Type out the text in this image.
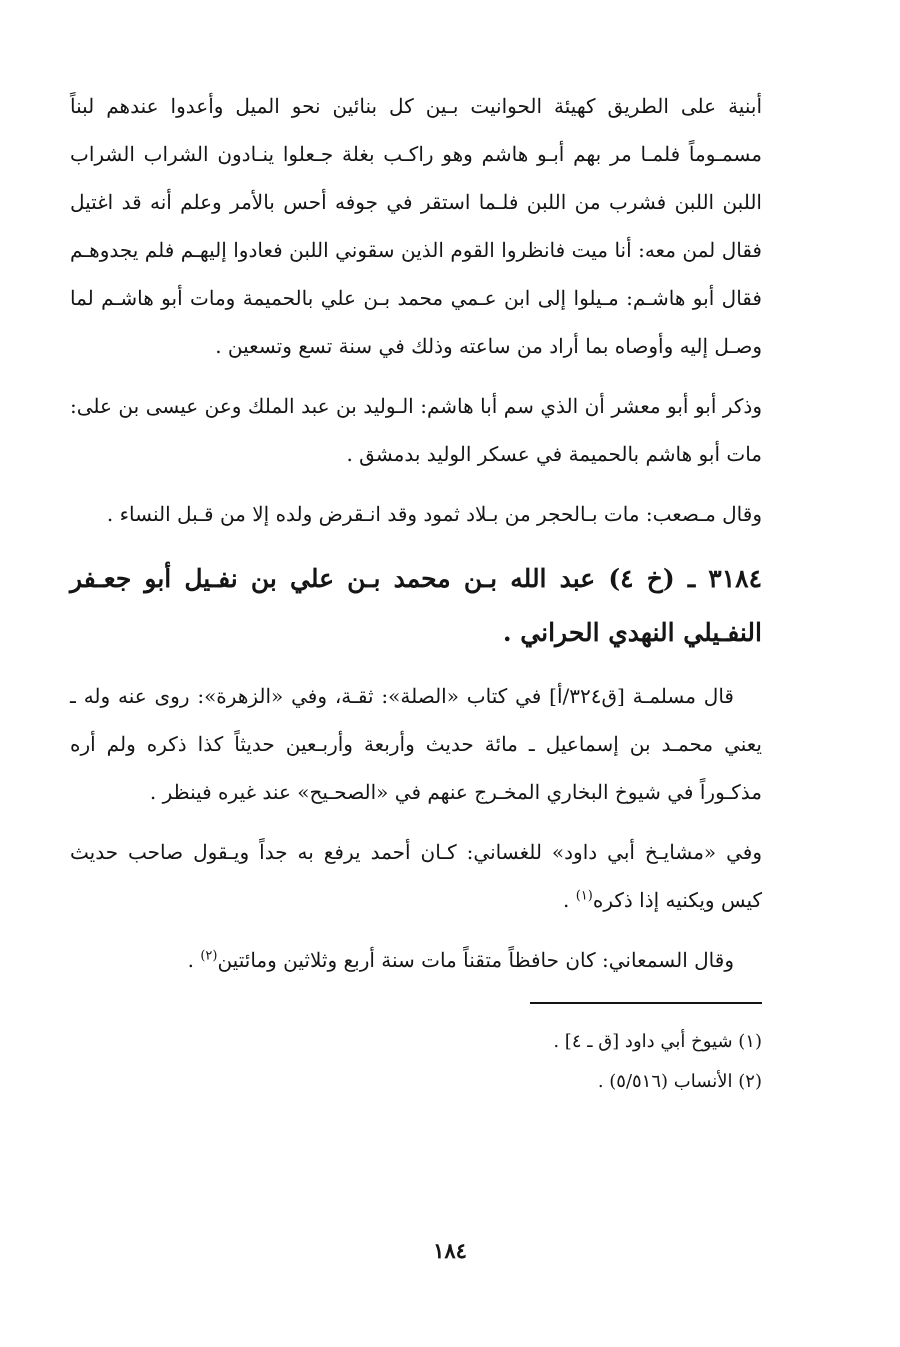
أبنية على الطريق كهيئة الحوانيت بـين كل بنائين نحو الميل وأعدوا عندهم لبناً مسمـوماً فلمـا مر بهم أبـو هاشم وهو راكـب بغلة جـعلوا ينـادون الشراب الشراب اللبن اللبن فشرب من اللبن فلـما استقر في جوفه أحس بالأمر وعلم أنه قد اغتيل فقال لمن معه: أنا ميت فانظروا القوم الذين سقوني اللبن فعادوا إليهـم فلم يجدوهـم فقال أبو هاشـم: مـيلوا إلى ابن عـمي محمد بـن علي بالحميمة ومات أبو هاشـم لما وصـل إليه وأوصاه بما أراد من ساعته وذلك في سنة تسع وتسعين .

وذكر أبو أبو معشر أن الذي سم أبا هاشم: الـوليد بن عبد الملك وعن عيسى بن على: مات أبو هاشم بالحميمة في عسكر الوليد بدمشق .

وقال مـصعب: مات بـالحجر من بـلاد ثمود وقد انـقرض ولده إلا من قـبل النساء .

٣١٨٤ ـ (خ ٤) عبد الله بـن محمد بـن علي بن نفـيل أبو جعـفر النفـيلي النهدي الحراني .

قال مسلمـة [ق٣٢٤/أ] في كتاب «الصلة»: ثقـة، وفي «الزهرة»: روى عنه وله ـ يعني محمـد بن إسماعيل ـ مائة حديث وأربعة وأربـعين حديثاً كذا ذكره ولم أره مذكـوراً في شيوخ البخاري المخـرج عنهم في «الصحـيح» عند غيره فينظر .

وفي «مشايـخ أبي داود» للغساني: كـان أحمد يرفع به جداً ويـقول صاحب حديث كيس ويكنيه إذا ذكره$^{(١)}$ .

وقال السمعاني: كان حافظاً متقناً مات سنة أربع وثلاثين ومائتين$^{(٢)}$ .

(١) شيوخ أبي داود [ق ـ ٤] .

(٢) الأنساب (٥/٥١٦) .

١٨٤
